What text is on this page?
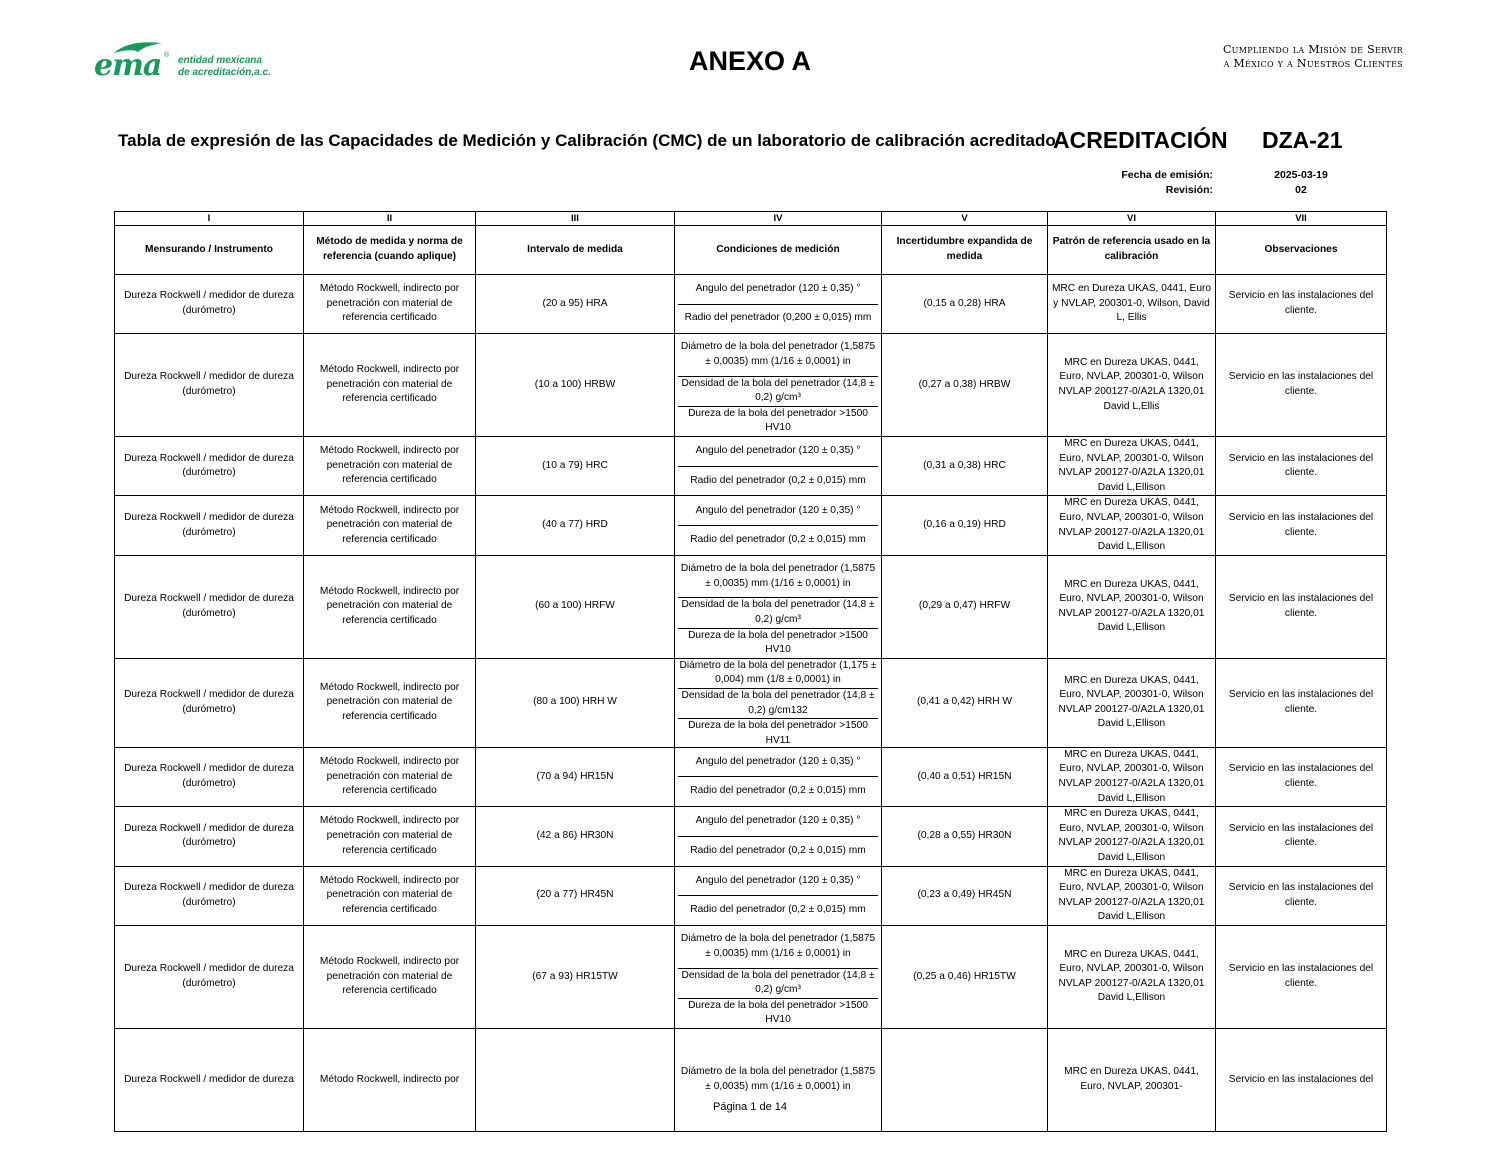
ema ® entidad mexicana
de acreditación,a.c.	ANEXO A	Cumpliendo la Misión de Servir
a México y a Nuestros Clientes
Tabla de expresión de las Capacidades de Medición y Calibración (CMC) de un laboratorio de calibración acreditado
ACREDITACIÓN DZA-21
Fecha de emisión:	2025-03-19
Revisión:	02
I	II	III	IV	V	VI	VII
Mensurando / Instrumento	Método de medida y norma de referencia (cuando aplique)	Intervalo de medida	Condiciones de medición	Incertidumbre expandida de medida	Patrón de referencia usado en la calibración	Observaciones
Dureza Rockwell / medidor de dureza (durómetro)	Método Rockwell, indirecto por penetración con material de referencia certificado	(20 a 95) HRA	Angulo del penetrador (120 ± 0,35) °
Radio del penetrador (0,200 ± 0,015) mm	(0,15 a 0,28) HRA	MRC en Dureza UKAS, 0441, Euro y NVLAP, 200301-0, Wilson, David L, Ellis	Servicio en las instalaciones del cliente.
Dureza Rockwell / medidor de dureza (durómetro)	Método Rockwell, indirecto por penetración con material de referencia certificado	(10 a 100) HRBW	Diámetro de la bola del penetrador (1,5875 ± 0,0035) mm (1/16 ± 0,0001) in
Densidad de la bola del penetrador (14,8 ± 0,2) g/cm³
Dureza de la bola del penetrador >1500 HV10	(0,27 a 0,38) HRBW	MRC en Dureza UKAS, 0441, Euro, NVLAP, 200301-0, Wilson NVLAP 200127-0/A2LA 1320,01 David L,Ellis	Servicio en las instalaciones del cliente.
Dureza Rockwell / medidor de dureza (durómetro)	Método Rockwell, indirecto por penetración con material de referencia certificado	(10 a 79) HRC	Angulo del penetrador (120 ± 0,35) °
Radio del penetrador (0,2 ± 0,015) mm	(0,31 a 0,38) HRC	MRC en Dureza UKAS, 0441, Euro, NVLAP, 200301-0, Wilson NVLAP 200127-0/A2LA 1320,01 David L,Ellison	Servicio en las instalaciones del cliente.
Dureza Rockwell / medidor de dureza (durómetro)	Método Rockwell, indirecto por penetración con material de referencia certificado	(40 a 77) HRD	Angulo del penetrador (120 ± 0,35) °
Radio del penetrador (0,2 ± 0,015) mm	(0,16 a 0,19) HRD	MRC en Dureza UKAS, 0441, Euro, NVLAP, 200301-0, Wilson NVLAP 200127-0/A2LA 1320,01 David L,Ellison	Servicio en las instalaciones del cliente.
Dureza Rockwell / medidor de dureza (durómetro)	Método Rockwell, indirecto por penetración con material de referencia certificado	(60 a 100) HRFW	Diámetro de la bola del penetrador (1,5875 ± 0,0035) mm (1/16 ± 0,0001) in
Densidad de la bola del penetrador (14,8 ± 0,2) g/cm³
Dureza de la bola del penetrador >1500 HV10	(0,29 a 0,47) HRFW	MRC en Dureza UKAS, 0441, Euro, NVLAP, 200301-0, Wilson NVLAP 200127-0/A2LA 1320,01 David L,Ellison	Servicio en las instalaciones del cliente.
Dureza Rockwell / medidor de dureza (durómetro)	Método Rockwell, indirecto por penetración con material de referencia certificado	(80 a 100) HRH W	Diámetro de la bola del penetrador (1,175 ± 0,004) mm (1/8 ± 0,0001) in
Densidad de la bola del penetrador (14,8 ± 0,2) g/cm132
Dureza de la bola del penetrador >1500 HV11	(0,41 a 0,42) HRH W	MRC en Dureza UKAS, 0441, Euro, NVLAP, 200301-0, Wilson NVLAP 200127-0/A2LA 1320,01 David L,Ellison	Servicio en las instalaciones del cliente.
Dureza Rockwell / medidor de dureza (durómetro)	Método Rockwell, indirecto por penetración con material de referencia certificado	(70 a 94) HR15N	Angulo del penetrador (120 ± 0,35) °
Radio del penetrador (0,2 ± 0,015) mm	(0,40 a 0,51) HR15N	MRC en Dureza UKAS, 0441, Euro, NVLAP, 200301-0, Wilson NVLAP 200127-0/A2LA 1320,01 David L,Ellison	Servicio en las instalaciones del cliente.
Dureza Rockwell / medidor de dureza (durómetro)	Método Rockwell, indirecto por penetración con material de referencia certificado	(42 a 86) HR30N	Angulo del penetrador (120 ± 0,35) °
Radio del penetrador (0,2 ± 0,015) mm	(0,28 a 0,55) HR30N	MRC en Dureza UKAS, 0441, Euro, NVLAP, 200301-0, Wilson NVLAP 200127-0/A2LA 1320,01 David L,Ellison	Servicio en las instalaciones del cliente.
Dureza Rockwell / medidor de dureza (durómetro)	Método Rockwell, indirecto por penetración con material de referencia certificado	(20 a 77) HR45N	Angulo del penetrador (120 ± 0,35) °
Radio del penetrador (0,2 ± 0,015) mm	(0,23 a 0,49) HR45N	MRC en Dureza UKAS, 0441, Euro, NVLAP, 200301-0, Wilson NVLAP 200127-0/A2LA 1320,01 David L,Ellison	Servicio en las instalaciones del cliente.
Dureza Rockwell / medidor de dureza (durómetro)	Método Rockwell, indirecto por penetración con material de referencia certificado	(67 a 93) HR15TW	Diámetro de la bola del penetrador (1,5875 ± 0,0035) mm (1/16 ± 0,0001) in
Densidad de la bola del penetrador (14,8 ± 0,2) g/cm³
Dureza de la bola del penetrador >1500 HV10	(0,25 a 0,46) HR15TW	MRC en Dureza UKAS, 0441, Euro, NVLAP, 200301-0, Wilson NVLAP 200127-0/A2LA 1320,01 David L,Ellison	Servicio en las instalaciones del cliente.
Dureza Rockwell / medidor de dureza	Método Rockwell, indirecto por		Diámetro de la bola del penetrador (1,5875 ± 0,0035) mm (1/16 ± 0,0001) in		MRC en Dureza UKAS, 0441, Euro, NVLAP, 200301-	Servicio en las instalaciones del
Página 1 de 14
